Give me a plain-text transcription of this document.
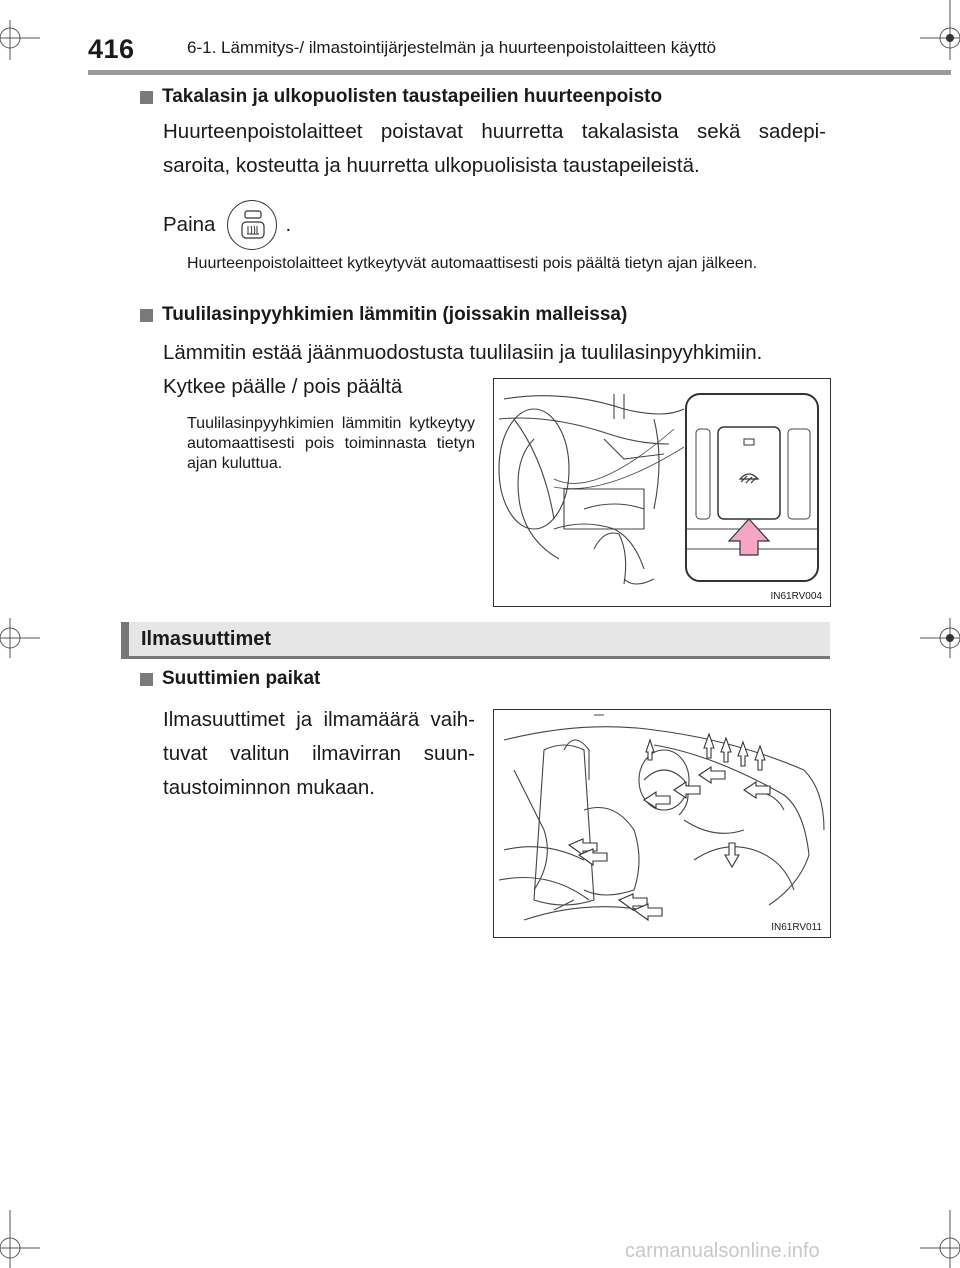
416	6-1. Lämmitys-/ ilmastointijärjestelmän ja huurteenpoistolaitteen käyttö
Takalasin ja ulkopuolisten taustapeilien huurteenpoisto
Huurteenpoistolaitteet poistavat huurretta takalasista sekä sadepi-saroita, kosteutta ja huurretta ulkopuolisista taustapeileistä.
Paina	.
Huurteenpoistolaitteet kytkeytyvät automaattisesti pois päältä tietyn ajan jälkeen.
Tuulilasinpyyhkimien lämmitin (joissakin malleissa)
Lämmitin estää jäänmuodostusta tuulilasiin ja tuulilasinpyyhkimiin.
Kytkee päälle / pois päältä
Tuulilasinpyyhkimien lämmitin kytkeytyy automaattisesti pois toiminnasta tietyn ajan kuluttua.
IN61RV004
Ilmasuuttimet
Suuttimien paikat
Ilmasuuttimet ja ilmamäärä vaih-tuvat valitun ilmavirran suun-taustoiminnon mukaan.
IN61RV011
carmanualsonline.info
